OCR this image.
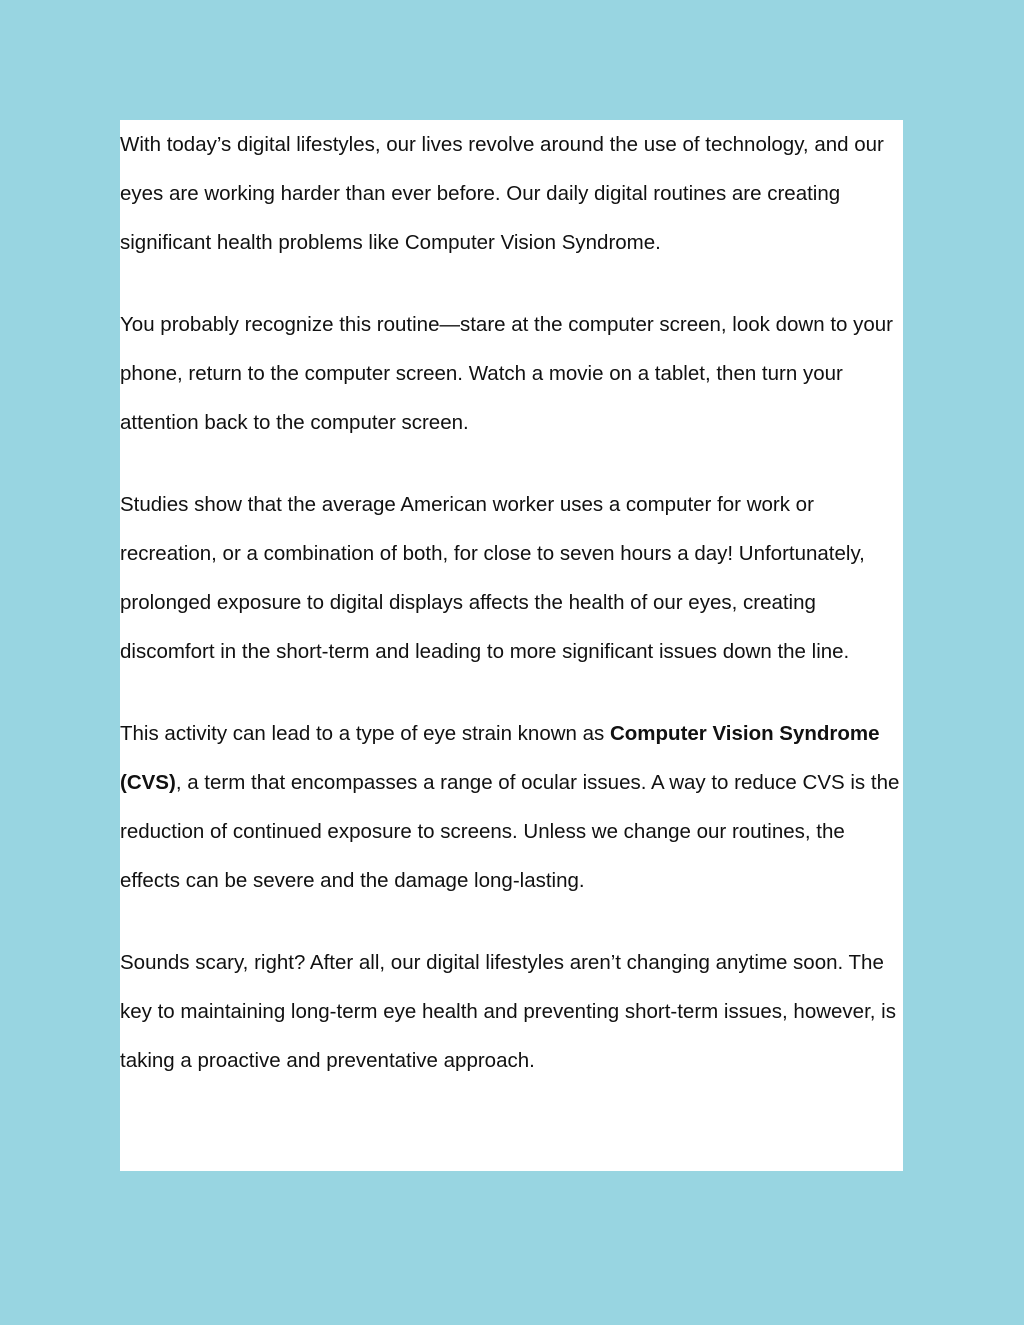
With today’s digital lifestyles, our lives revolve around the use of technology, and our eyes are working harder than ever before. Our daily digital routines are creating significant health problems like Computer Vision Syndrome.

You probably recognize this routine—stare at the computer screen, look down to your phone, return to the computer screen. Watch a movie on a tablet, then turn your attention back to the computer screen.

Studies show that the average American worker uses a computer for work or recreation, or a combination of both, for close to seven hours a day! Unfortunately, prolonged exposure to digital displays affects the health of our eyes, creating discomfort in the short-term and leading to more significant issues down the line.

This activity can lead to a type of eye strain known as Computer Vision Syndrome (CVS), a term that encompasses a range of ocular issues. A way to reduce CVS is the reduction of continued exposure to screens. Unless we change our routines, the effects can be severe and the damage long-lasting.

Sounds scary, right? After all, our digital lifestyles aren’t changing anytime soon. The key to maintaining long-term eye health and preventing short-term issues, however, is taking a proactive and preventative approach.
